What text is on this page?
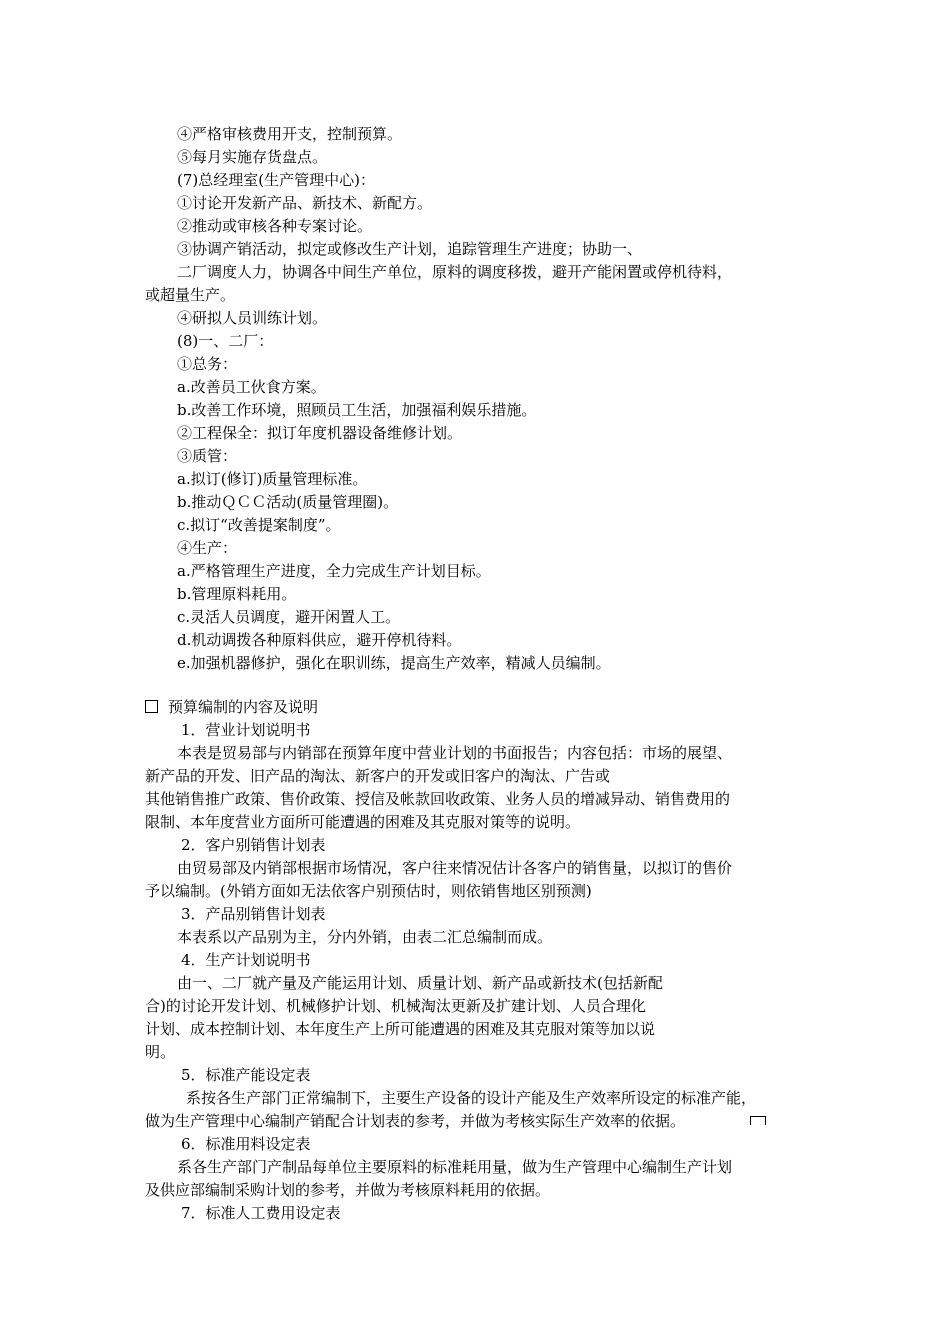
④严格审核费用开支，控制预算。
⑤每月实施存货盘点。
(7)总经理室(生产管理中心)：
①讨论开发新产品、新技术、新配方。
②推动或审核各种专案讨论。
③协调产销活动，拟定或修改生产计划，追踪管理生产进度；协助一、
二厂调度人力，协调各中间生产单位，原料的调度移拨，避开产能闲置或停机待料，
或超量生产。
④研拟人员训练计划。
(8)一、二厂：
①总务：
a.改善员工伙食方案。
b.改善工作环境，照顾员工生活，加强福利娱乐措施。
②工程保全：拟订年度机器设备维修计划。
③质管：
a.拟订(修订)质量管理标准。
b.推动ＱＣＣ活动(质量管理圈)。
c.拟订“改善提案制度”。
④生产：
a.严格管理生产进度，全力完成生产计划目标。
b.管理原料耗用。
c.灵活人员调度，避开闲置人工。
d.机动调拨各种原料供应，避开停机待料。
e.加强机器修护，强化在职训练，提高生产效率，精减人员编制。
预算编制的内容及说明
1．营业计划说明书
本表是贸易部与内销部在预算年度中营业计划的书面报告；内容包括：市场的展望、
新产品的开发、旧产品的淘汰、新客户的开发或旧客户的淘汰、广告或
其他销售推广政策、售价政策、授信及帐款回收政策、业务人员的增减异动、销售费用的
限制、本年度营业方面所可能遭遇的困难及其克服对策等的说明。
2．客户别销售计划表
由贸易部及内销部根据市场情况，客户往来情况估计各客户的销售量，以拟订的售价
予以编制。(外销方面如无法依客户别预估时，则依销售地区别预测)
3．产品别销售计划表
本表系以产品别为主，分内外销，由表二汇总编制而成。
4．生产计划说明书
由一、二厂就产量及产能运用计划、质量计划、新产品或新技术(包括新配
合)的讨论开发计划、机械修护计划、机械淘汰更新及扩建计划、人员合理化
计划、成本控制计划、本年度生产上所可能遭遇的困难及其克服对策等加以说
明。
5．标准产能设定表
系按各生产部门正常编制下，主要生产设备的设计产能及生产效率所设定的标准产能，
做为生产管理中心编制产销配合计划表的参考，并做为考核实际生产效率的依据。
6．标准用料设定表
系各生产部门产制品每单位主要原料的标准耗用量，做为生产管理中心编制生产计划
及供应部编制采购计划的参考，并做为考核原料耗用的依据。
7．标准人工费用设定表
